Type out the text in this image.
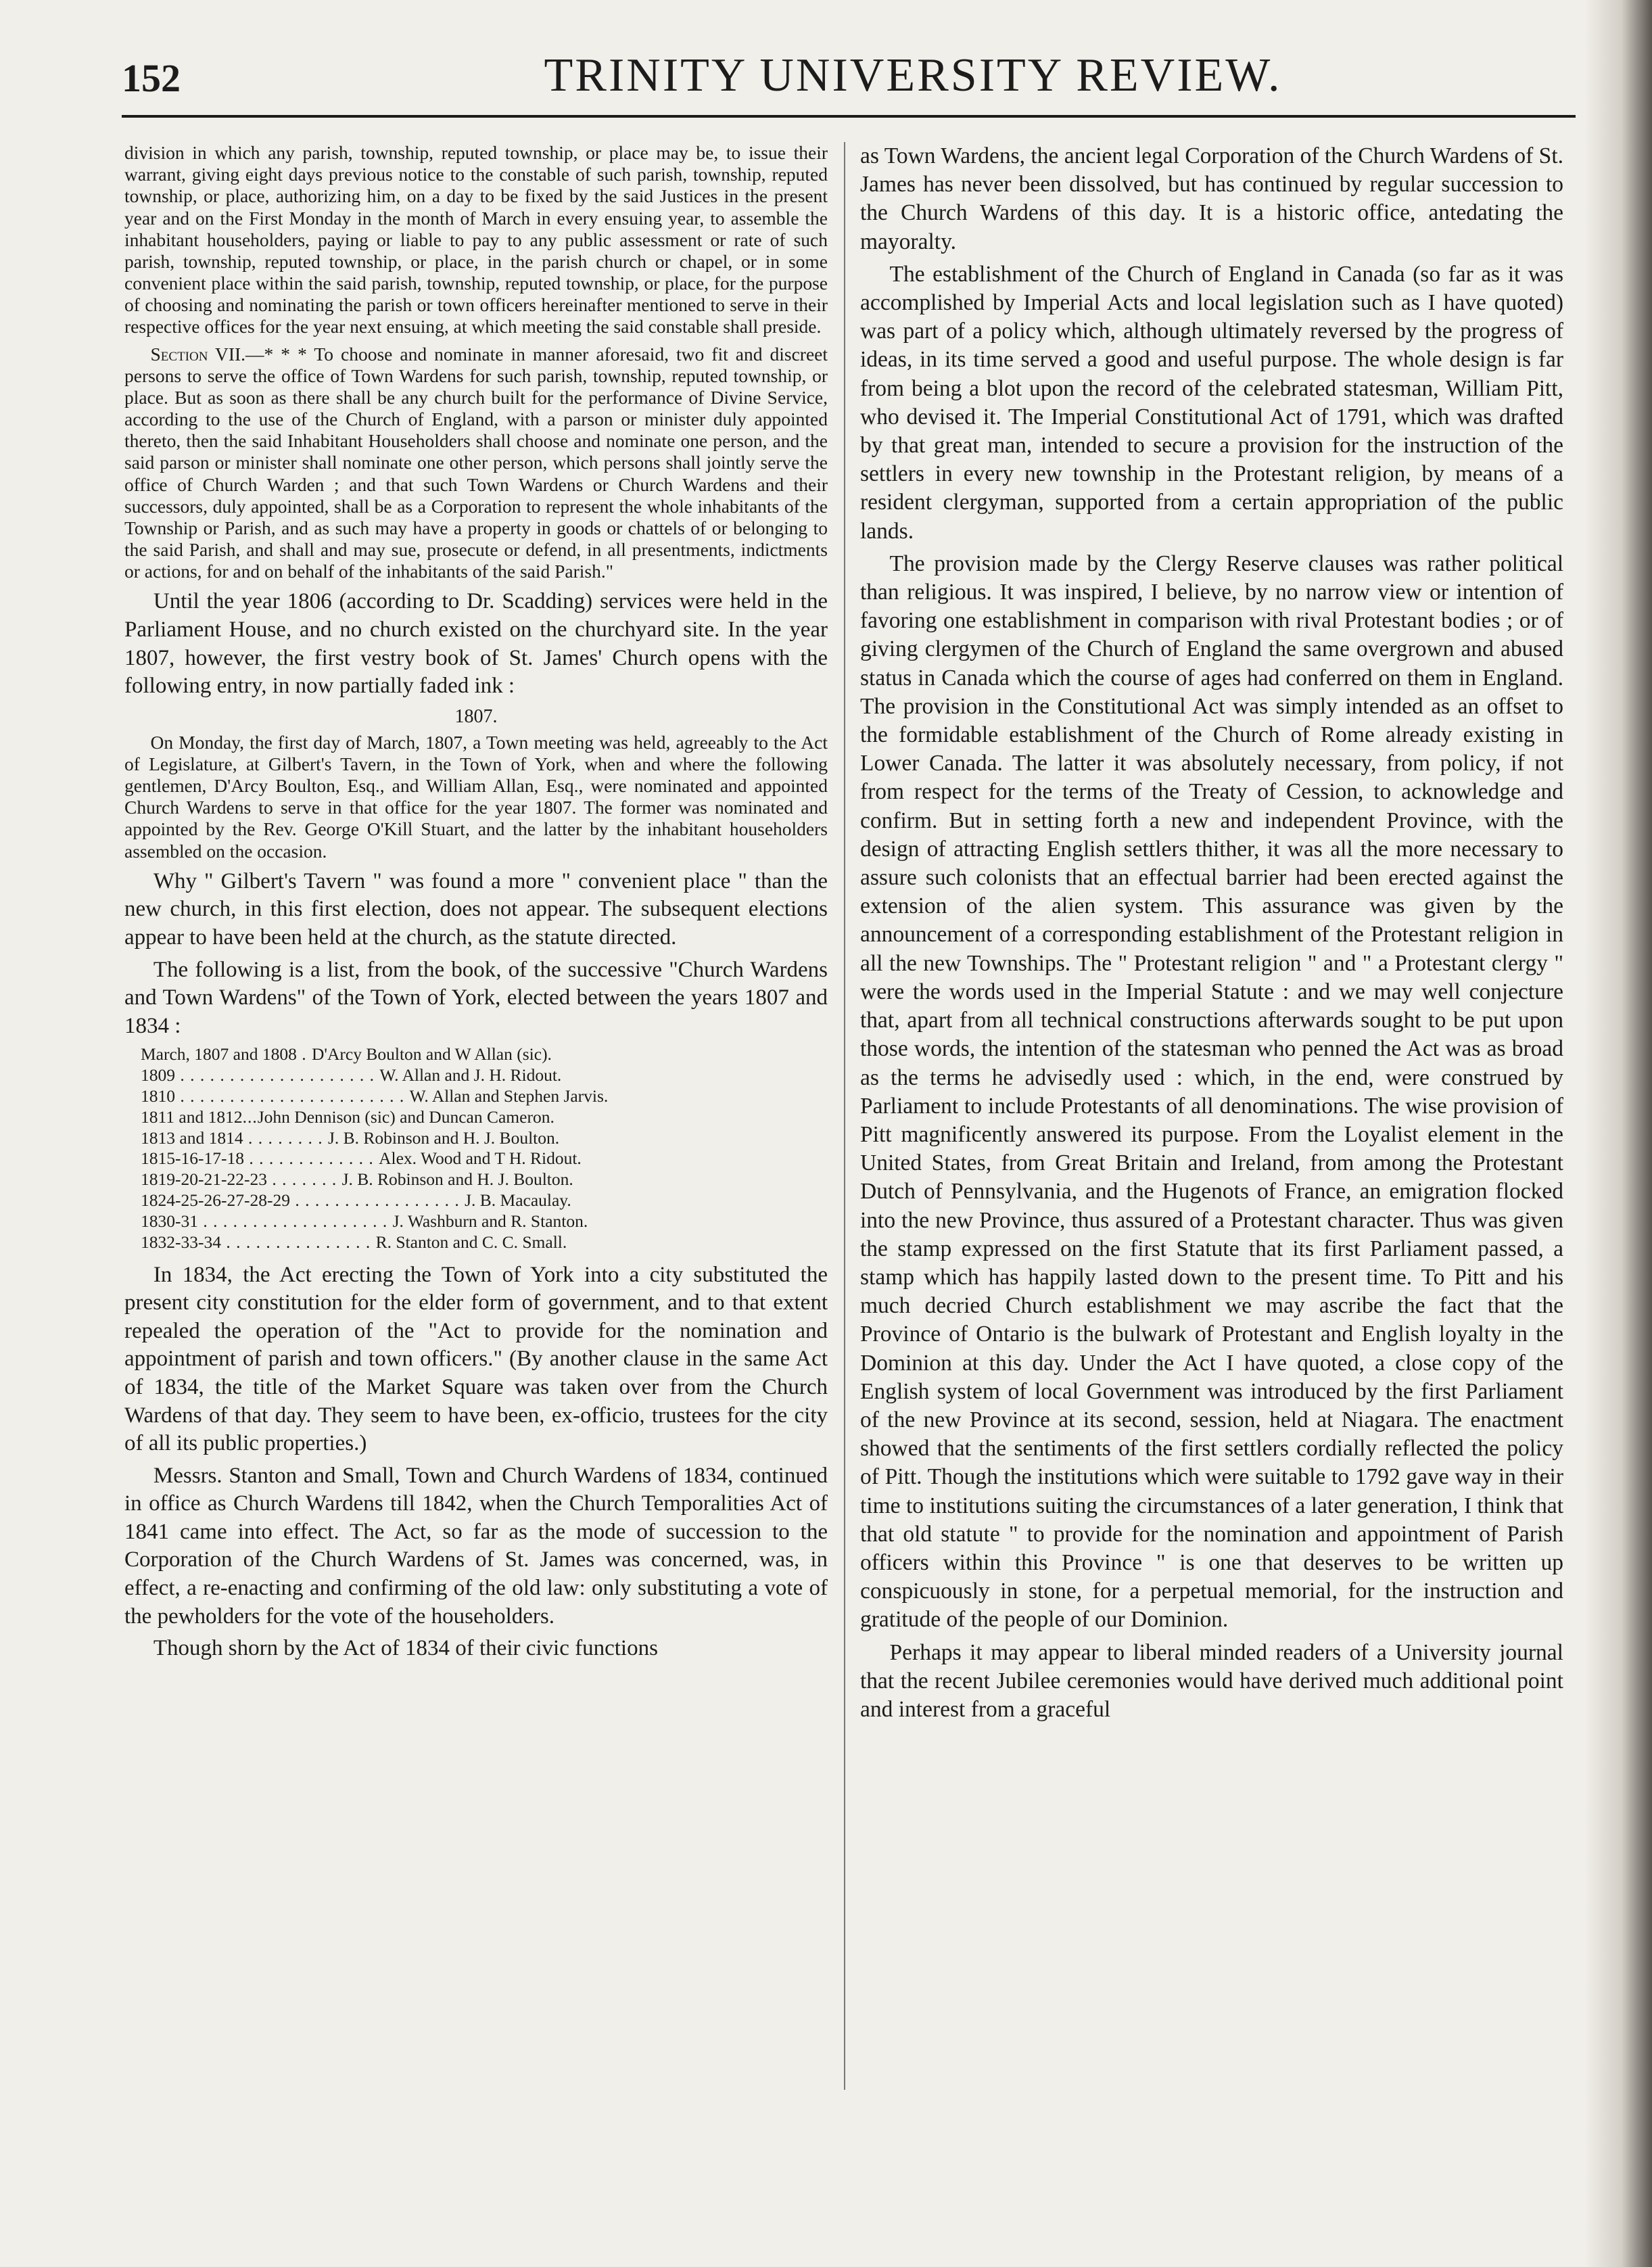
152	TRINITY UNIVERSITY REVIEW.

division in which any parish, township, reputed township, or place may be, to issue their warrant, giving eight days previous notice to the constable of such parish, township, reputed township, or place, authorizing him, on a day to be fixed by the said Justices in the present year and on the First Monday in the month of March in every ensuing year, to assemble the inhabitant householders, paying or liable to pay to any public assessment or rate of such parish, township, reputed township, or place, in the parish church or chapel, or in some convenient place within the said parish, township, reputed township, or place, for the purpose of choosing and nominating the parish or town officers hereinafter mentioned to serve in their respective offices for the year next ensuing, at which meeting the said constable shall preside.

Section VII.—* * * To choose and nominate in manner aforesaid, two fit and discreet persons to serve the office of Town Wardens for such parish, township, reputed township, or place. But as soon as there shall be any church built for the performance of Divine Service, according to the use of the Church of England, with a parson or minister duly appointed thereto, then the said Inhabitant Householders shall choose and nominate one person, and the said parson or minister shall nominate one other person, which persons shall jointly serve the office of Church Warden ; and that such Town Wardens or Church Wardens and their successors, duly appointed, shall be as a Corporation to represent the whole inhabitants of the Township or Parish, and as such may have a property in goods or chattels of or belonging to the said Parish, and shall and may sue, prosecute or defend, in all presentments, indictments or actions, for and on behalf of the inhabitants of the said Parish."

Until the year 1806 (according to Dr. Scadding) services were held in the Parliament House, and no church existed on the churchyard site. In the year 1807, however, the first vestry book of St. James' Church opens with the following entry, in now partially faded ink :

1807.

On Monday, the first day of March, 1807, a Town meeting was held, agreeably to the Act of Legislature, at Gilbert's Tavern, in the Town of York, when and where the following gentlemen, D'Arcy Boulton, Esq., and William Allan, Esq., were nominated and appointed Church Wardens to serve in that office for the year 1807. The former was nominated and appointed by the Rev. George O'Kill Stuart, and the latter by the inhabitant householders assembled on the occasion.

Why " Gilbert's Tavern " was found a more " convenient place " than the new church, in this first election, does not appear. The subsequent elections appear to have been held at the church, as the statute directed.

The following is a list, from the book, of the successive "Church Wardens and Town Wardens" of the Town of York, elected between the years 1807 and 1834 :

March, 1807 and 1808 . D'Arcy Boulton and W Allan (sic).
1809 . . . . . . . . . . . . . . . . . . . . W. Allan and J. H. Ridout.
1810 . . . . . . . . . . . . . . . . . . . . . . . W. Allan and Stephen Jarvis.
1811 and 1812...John Dennison (sic) and Duncan Cameron.
1813 and 1814 . . . . . . . . J. B. Robinson and H. J. Boulton.
1815-16-17-18 . . . . . . . . . . . . . Alex. Wood and T H. Ridout.
1819-20-21-22-23 . . . . . . . J. B. Robinson and H. J. Boulton.
1824-25-26-27-28-29 . . . . . . . . . . . . . . . . . J. B. Macaulay.
1830-31 . . . . . . . . . . . . . . . . . . . J. Washburn and R. Stanton.
1832-33-34 . . . . . . . . . . . . . . . R. Stanton and C. C. Small.

In 1834, the Act erecting the Town of York into a city substituted the present city constitution for the elder form of government, and to that extent repealed the operation of the "Act to provide for the nomination and appointment of parish and town officers." (By another clause in the same Act of 1834, the title of the Market Square was taken over from the Church Wardens of that day. They seem to have been, ex-officio, trustees for the city of all its public properties.)

Messrs. Stanton and Small, Town and Church Wardens of 1834, continued in office as Church Wardens till 1842, when the Church Temporalities Act of 1841 came into effect. The Act, so far as the mode of succession to the Corporation of the Church Wardens of St. James was concerned, was, in effect, a re-enacting and confirming of the old law: only substituting a vote of the pewholders for the vote of the householders.

Though shorn by the Act of 1834 of their civic functions

as Town Wardens, the ancient legal Corporation of the Church Wardens of St. James has never been dissolved, but has continued by regular succession to the Church Wardens of this day. It is a historic office, antedating the mayoralty.

The establishment of the Church of England in Canada (so far as it was accomplished by Imperial Acts and local legislation such as I have quoted) was part of a policy which, although ultimately reversed by the progress of ideas, in its time served a good and useful purpose. The whole design is far from being a blot upon the record of the celebrated statesman, William Pitt, who devised it. The Imperial Constitutional Act of 1791, which was drafted by that great man, intended to secure a provision for the instruction of the settlers in every new township in the Protestant religion, by means of a resident clergyman, supported from a certain appropriation of the public lands.

The provision made by the Clergy Reserve clauses was rather political than religious. It was inspired, I believe, by no narrow view or intention of favoring one establishment in comparison with rival Protestant bodies ; or of giving clergymen of the Church of England the same overgrown and abused status in Canada which the course of ages had conferred on them in England. The provision in the Constitutional Act was simply intended as an offset to the formidable establishment of the Church of Rome already existing in Lower Canada. The latter it was absolutely necessary, from policy, if not from respect for the terms of the Treaty of Cession, to acknowledge and confirm. But in setting forth a new and independent Province, with the design of attracting English settlers thither, it was all the more necessary to assure such colonists that an effectual barrier had been erected against the extension of the alien system. This assurance was given by the announcement of a corresponding establishment of the Protestant religion in all the new Townships. The " Protestant religion " and " a Protestant clergy " were the words used in the Imperial Statute : and we may well conjecture that, apart from all technical constructions afterwards sought to be put upon those words, the intention of the statesman who penned the Act was as broad as the terms he advisedly used : which, in the end, were construed by Parliament to include Protestants of all denominations. The wise provision of Pitt magnificently answered its purpose. From the Loyalist element in the United States, from Great Britain and Ireland, from among the Protestant Dutch of Pennsylvania, and the Hugenots of France, an emigration flocked into the new Province, thus assured of a Protestant character. Thus was given the stamp expressed on the first Statute that its first Parliament passed, a stamp which has happily lasted down to the present time. To Pitt and his much decried Church establishment we may ascribe the fact that the Province of Ontario is the bulwark of Protestant and English loyalty in the Dominion at this day. Under the Act I have quoted, a close copy of the English system of local Government was introduced by the first Parliament of the new Province at its second, session, held at Niagara. The enactment showed that the sentiments of the first settlers cordially reflected the policy of Pitt. Though the institutions which were suitable to 1792 gave way in their time to institutions suiting the circumstances of a later generation, I think that that old statute " to provide for the nomination and appointment of Parish officers within this Province " is one that deserves to be written up conspicuously in stone, for a perpetual memorial, for the instruction and gratitude of the people of our Dominion.

Perhaps it may appear to liberal minded readers of a University journal that the recent Jubilee ceremonies would have derived much additional point and interest from a graceful
